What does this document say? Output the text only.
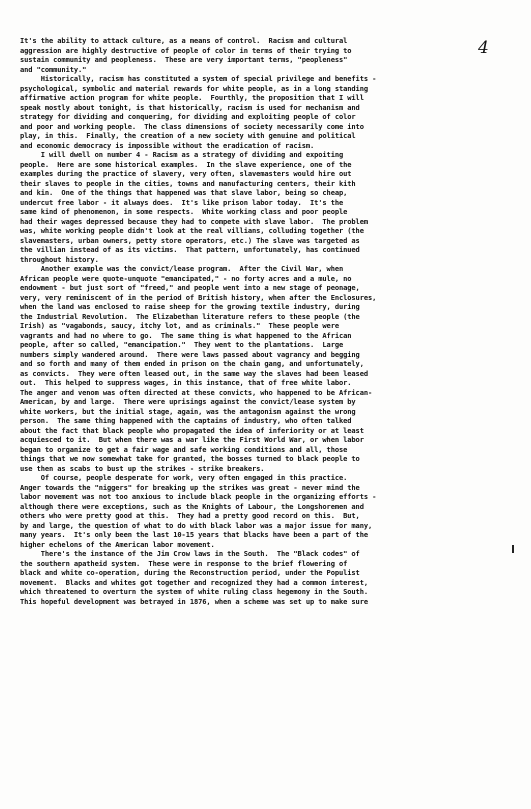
4
It's the ability to attack culture, as a means of control.  Racism and cultural
aggression are highly destructive of people of color in terms of their trying to
sustain community and peopleness.  These are very important terms, "peopleness"
and "community."
Historically, racism has constituted a system of special privilege and benefits -
psychological, symbolic and material rewards for white people, as in a long standing
affirmative action program for white people.  Fourthly, the proposition that I will
speak mostly about tonight, is that historically, racism is used for mechanism and
strategy for dividing and conquering, for dividing and exploiting people of color
and poor and working people.  The class dimensions of society necessarily come into
play, in this.  Finally, the creation of a new society with genuine and political
and economic democracy is impossible without the eradication of racism.
I will dwell on number 4 - Racism as a strategy of dividing and expoiting
people.  Here are some historical examples.  In the slave experience, one of the
examples during the practice of slavery, very often, slavemasters would hire out
their slaves to people in the cities, towns and manufacturing centers, their kith
and kin.  One of the things that happened was that slave labor, being so cheap,
undercut free labor - it always does.  It's like prison labor today.  It's the
same kind of phenomenon, in some respects.  White working class and poor people
had their wages depressed because they had to compete with slave labor.  The problem
was, white working people didn't look at the real villians, colluding together (the
slavemasters, urban owners, petty store operators, etc.) The slave was targeted as
the villian instead of as its victims.  That pattern, unfortunately, has continued
throughout history.
Another example was the convict/lease program.  After the Civil War, when
African people were quote-unquote "emancipated," - no forty acres and a mule, no
endowment - but just sort of "freed," and people went into a new stage of peonage,
very, very reminiscent of in the period of British history, when after the Enclosures,
when the land was enclosed to raise sheep for the growing textile industry, during
the Industrial Revolution.  The Elizabethan literature refers to these people (the
Irish) as "vagabonds, saucy, itchy lot, and as criminals."  These people were
vagrants and had no where to go.  The same thing is what happened to the African
people, after so called, "emancipation."  They went to the plantations.  Large
numbers simply wandered around.  There were laws passed about vagrancy and begging
and so forth and many of them ended in prison on the chain gang, and unfortunately,
as convicts.  They were often leased out, in the same way the slaves had been leased
out.  This helped to suppress wages, in this instance, that of free white labor.
The anger and venom was often directed at these convicts, who happened to be African-
American, by and large.  There were uprisings against the convict/lease system by
white workers, but the initial stage, again, was the antagonism against the wrong
person.  The same thing happened with the captains of industry, who often talked
about the fact that black people who propagated the idea of inferiority or at least
acquiesced to it.  But when there was a war like the First World War, or when labor
began to organize to get a fair wage and safe working conditions and all, those
things that we now somewhat take for granted, the bosses turned to black people to
use then as scabs to bust up the strikes - strike breakers.
Of course, people desperate for work, very often engaged in this practice.
Anger towards the "niggers" for breaking up the strikes was great - never mind the
labor movement was not too anxious to include black people in the organizing efforts -
although there were exceptions, such as the Knights of Labour, the Longshoremen and
others who were pretty good at this.  They had a pretty good record on this.  But,
by and large, the question of what to do with black labor was a major issue for many,
many years.  It's only been the last 10-15 years that blacks have been a part of the
higher echelons of the American labor movement.
There's the instance of the Jim Crow laws in the South.  The "Black codes" of
the southern apatheid system.  These were in response to the brief flowering of
black and white co-operation, during the Reconstruction period, under the Populist
movement.  Blacks and whites got together and recognized they had a common interest,
which threatened to overturn the system of white ruling class hegemony in the South.
This hopeful development was betrayed in 1876, when a scheme was set up to make sure
